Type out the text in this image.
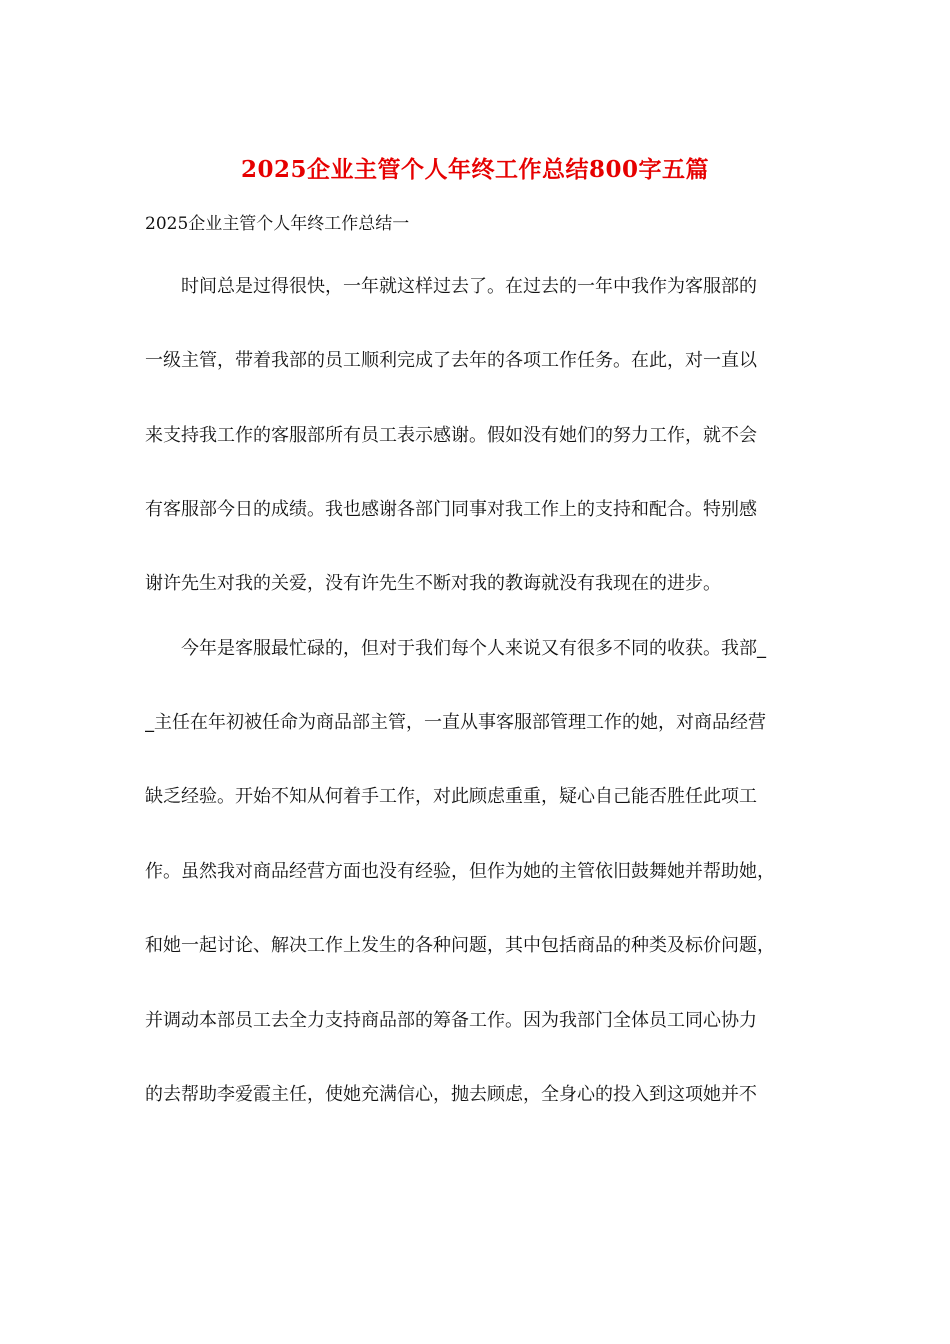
2025企业主管个人年终工作总结800字五篇
2025企业主管个人年终工作总结一
时间总是过得很快，一年就这样过去了。在过去的一年中我作为客服部的
一级主管，带着我部的员工顺利完成了去年的各项工作任务。在此，对一直以
来支持我工作的客服部所有员工表示感谢。假如没有她们的努力工作，就不会
有客服部今日的成绩。我也感谢各部门同事对我工作上的支持和配合。特别感
谢许先生对我的关爱，没有许先生不断对我的教诲就没有我现在的进步。
今年是客服最忙碌的，但对于我们每个人来说又有很多不同的收获。我部_
_主任在年初被任命为商品部主管，一直从事客服部管理工作的她，对商品经营
缺乏经验。开始不知从何着手工作，对此顾虑重重，疑心自己能否胜任此项工
作。虽然我对商品经营方面也没有经验，但作为她的主管依旧鼓舞她并帮助她，
和她一起讨论、解决工作上发生的各种问题，其中包括商品的种类及标价问题，
并调动本部员工去全力支持商品部的筹备工作。因为我部门全体员工同心协力
的去帮助李爱霞主任，使她充满信心，抛去顾虑，全身心的投入到这项她并不
